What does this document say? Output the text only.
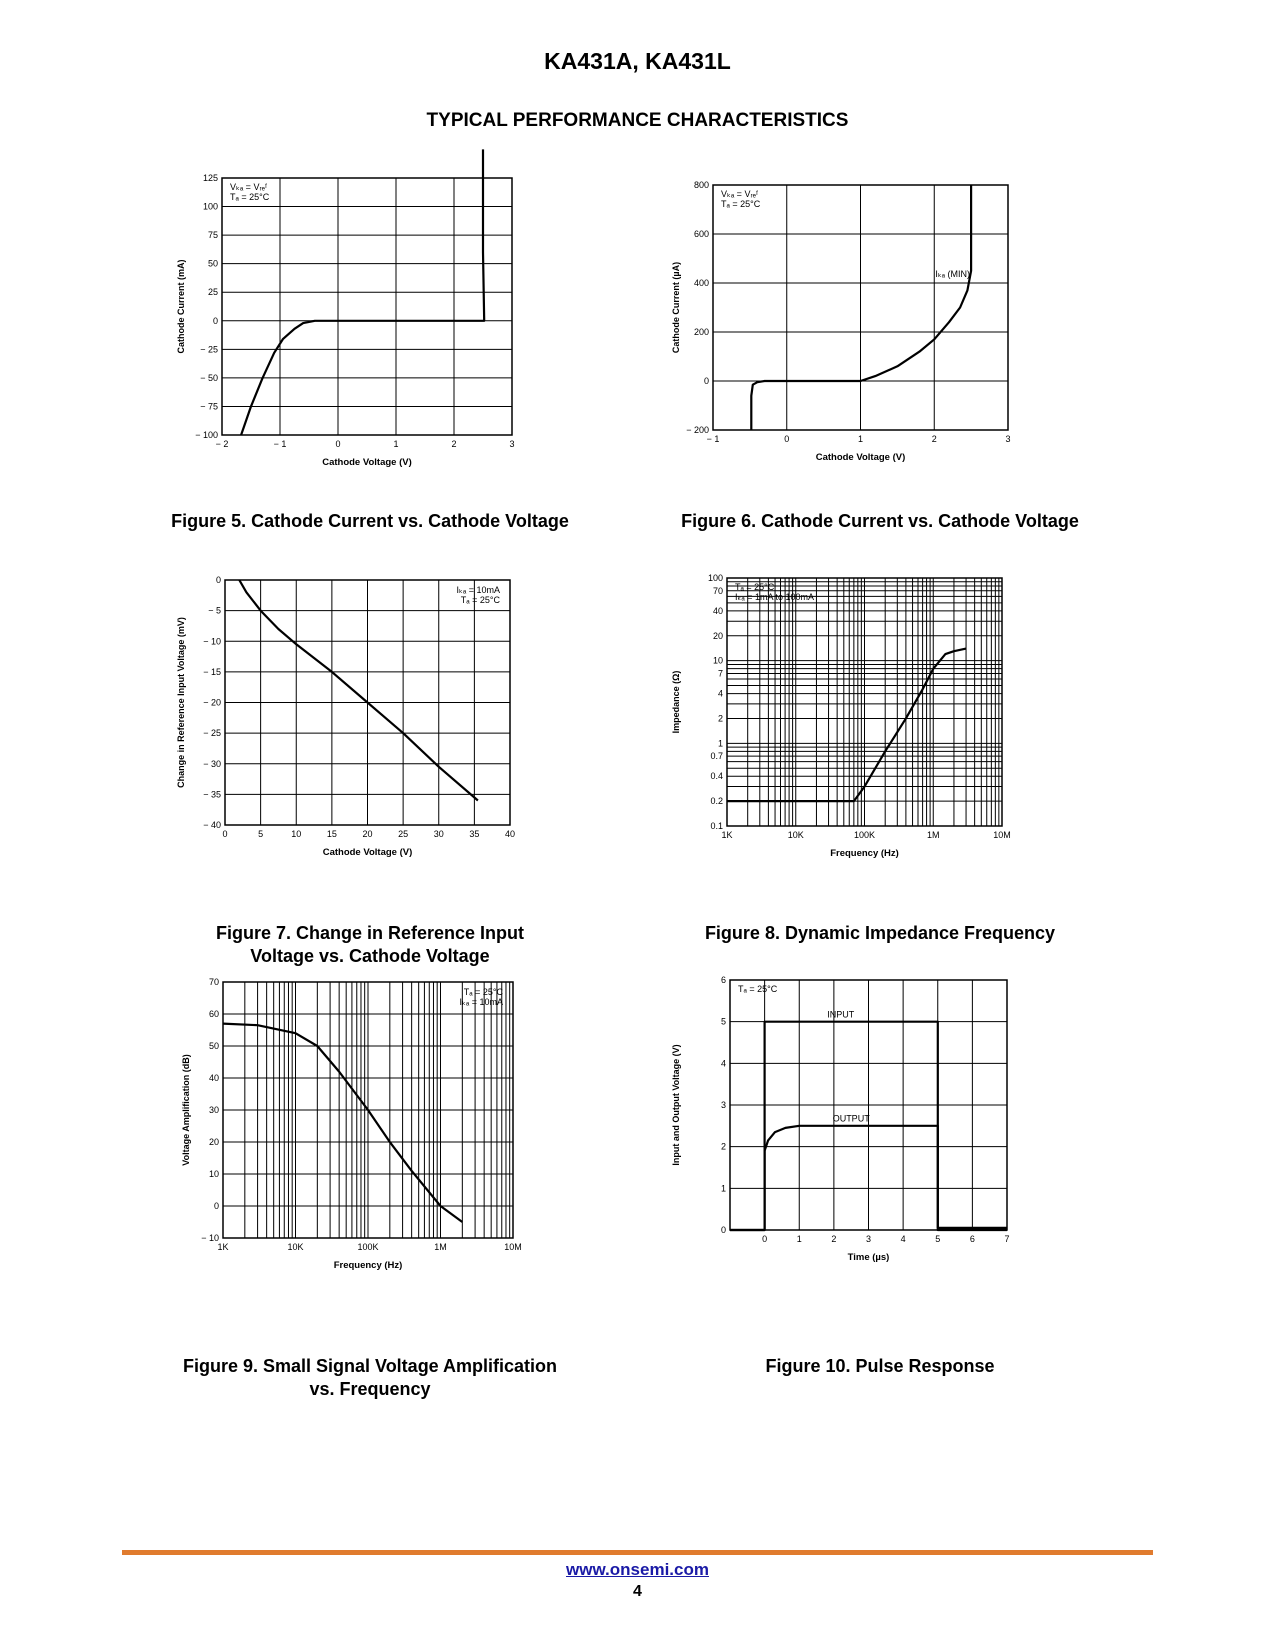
KA431A, KA431L
TYPICAL PERFORMANCE CHARACTERISTICS
− 2	− 1	0	1	2	3
− 100
− 75
− 50
− 25
0
25
50
75
100
125
Cathode Voltage (V)
Cathode Current (mA)
Vₖₐ = Vᵣₑᶠ
Tₐ = 25°C
− 1	0	1	2	3
− 200
0
200
400
600
800
Cathode Voltage (V)
Cathode Current (µA)
Vₖₐ = Vᵣₑᶠ
Tₐ = 25°C
Iₖₐ (MIN)
0	5	10	15	20	25	30	35	40
− 40
− 35
− 30
− 25
− 20
− 15
− 10
− 5
0
Cathode Voltage (V)
Change in Reference Input Voltage (mV)
Iₖₐ = 10mA
Tₐ = 25°C
1K	10K	100K	1M	10M
0.1
0.2
0.4
0.7
1
2
4
7
10
20
40
70
100
Frequency (Hz)
Impedance (Ω)
Tₐ = 25°C
Iₖₐ = 1mA to 100mA
1K	10K	100K	1M	10M
− 10
0
10
20
30
40
50
60
70
Frequency (Hz)
Voltage Amplification (dB)
Tₐ = 25°C
Iₖₐ = 10mA
0	1	2	3	4	5	6	7
0
1
2
3
4
5
6
Time (µs)
Input and Output Voltage (V)
Tₐ = 25°C
INPUT
OUTPUT
Figure 5. Cathode Current vs. Cathode Voltage	Figure 6. Cathode Current vs. Cathode Voltage
Figure 7. Change in Reference Input
Voltage vs. Cathode Voltage
Figure 8. Dynamic Impedance Frequency
Figure 9. Small Signal Voltage Amplification
vs. Frequency
Figure 10. Pulse Response
www.onsemi.com
4
